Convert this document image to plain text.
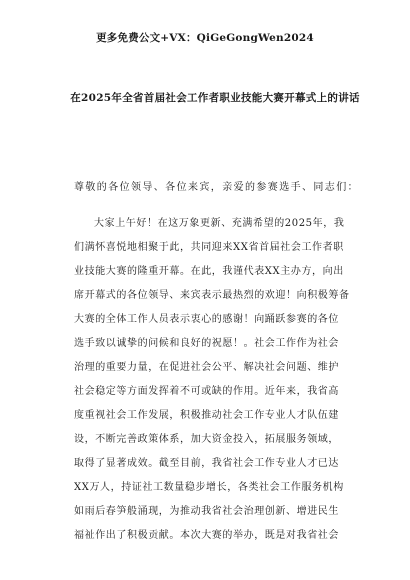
更多免费公文+VX：QiGeGongWen2024
在2025年全省首届社会工作者职业技能大赛开幕式上的讲话
尊敬的各位领导、各位来宾，亲爱的参赛选手、同志们：
大家上午好！在这万象更新、充满希望的2025年，我
们满怀喜悦地相聚于此，共同迎来XX省首届社会工作者职
业技能大赛的隆重开幕。在此，我谨代表XX主办方，向出
席开幕式的各位领导、来宾表示最热烈的欢迎！向积极筹备
大赛的全体工作人员表示衷心的感谢！向踊跃参赛的各位
选手致以诚挚的问候和良好的祝愿！。社会工作作为社会
治理的重要力量，在促进社会公平、解决社会问题、维护
社会稳定等方面发挥着不可或缺的作用。近年来，我省高
度重视社会工作发展，积极推动社会工作专业人才队伍建
设，不断完善政策体系，加大资金投入，拓展服务领域，
取得了显著成效。截至目前，我省社会工作专业人才已达
XX万人，持证社工数量稳步增长，各类社会工作服务机构
如雨后春笋般涌现，为推动我省社会治理创新、增进民生
福祉作出了积极贡献。本次大赛的举办，既是对我省社会
